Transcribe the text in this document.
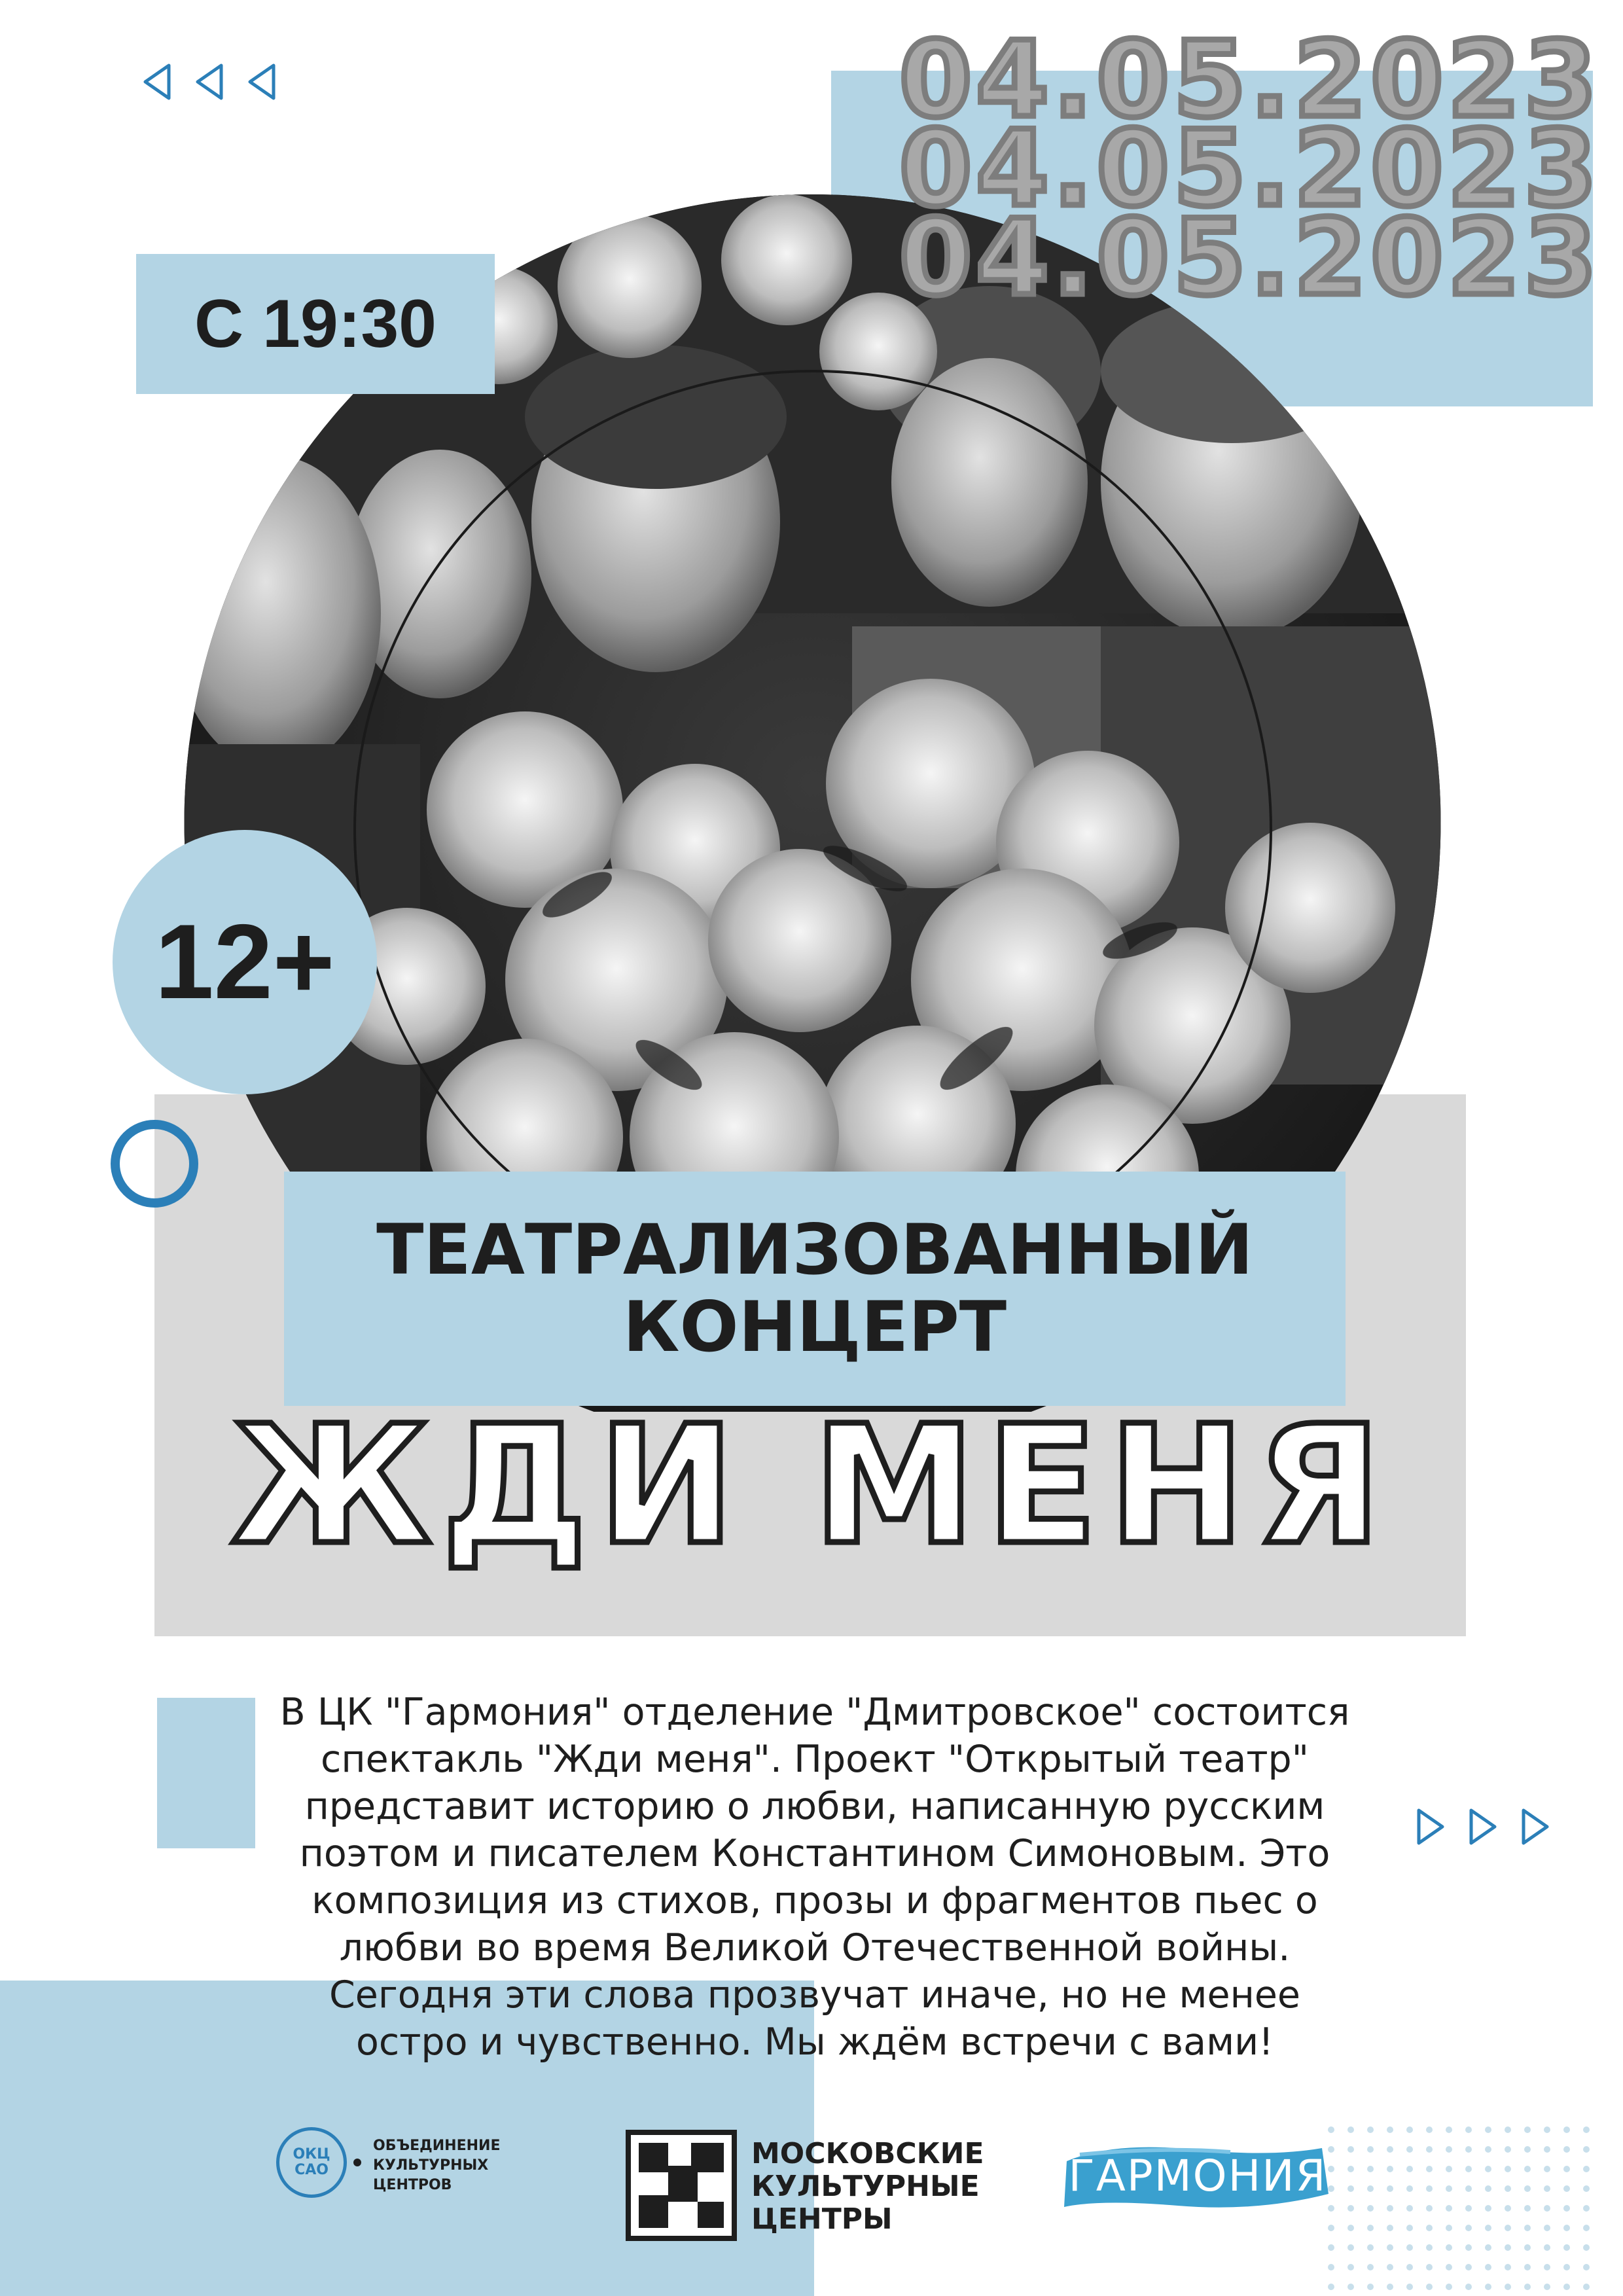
04.05.2023
04.05.2023
04.05.2023
С 19:30
12+
ТЕАТРАЛИЗОВАННЫЙ
КОНЦЕРТ
ЖДИ МЕНЯ
В ЦК "Гармония" отделение "Дмитровское" состоится
спектакль "Жди меня". Проект "Открытый театр"
представит историю о любви, написанную русским
поэтом и писателем Константином Симоновым. Это
композиция из стихов, прозы и фрагментов пьес о
любви во время Великой Отечественной войны.
Сегодня эти слова прозвучат иначе, но не менее
остро и чувственно. Мы ждём встречи с вами!
ОКЦ
САО
ОБЪЕДИНЕНИЕ
КУЛЬТУРНЫХ
ЦЕНТРОВ
МОСКОВСКИЕ
КУЛЬТУРНЫЕ
ЦЕНТРЫ
ГАРМОНИЯ
